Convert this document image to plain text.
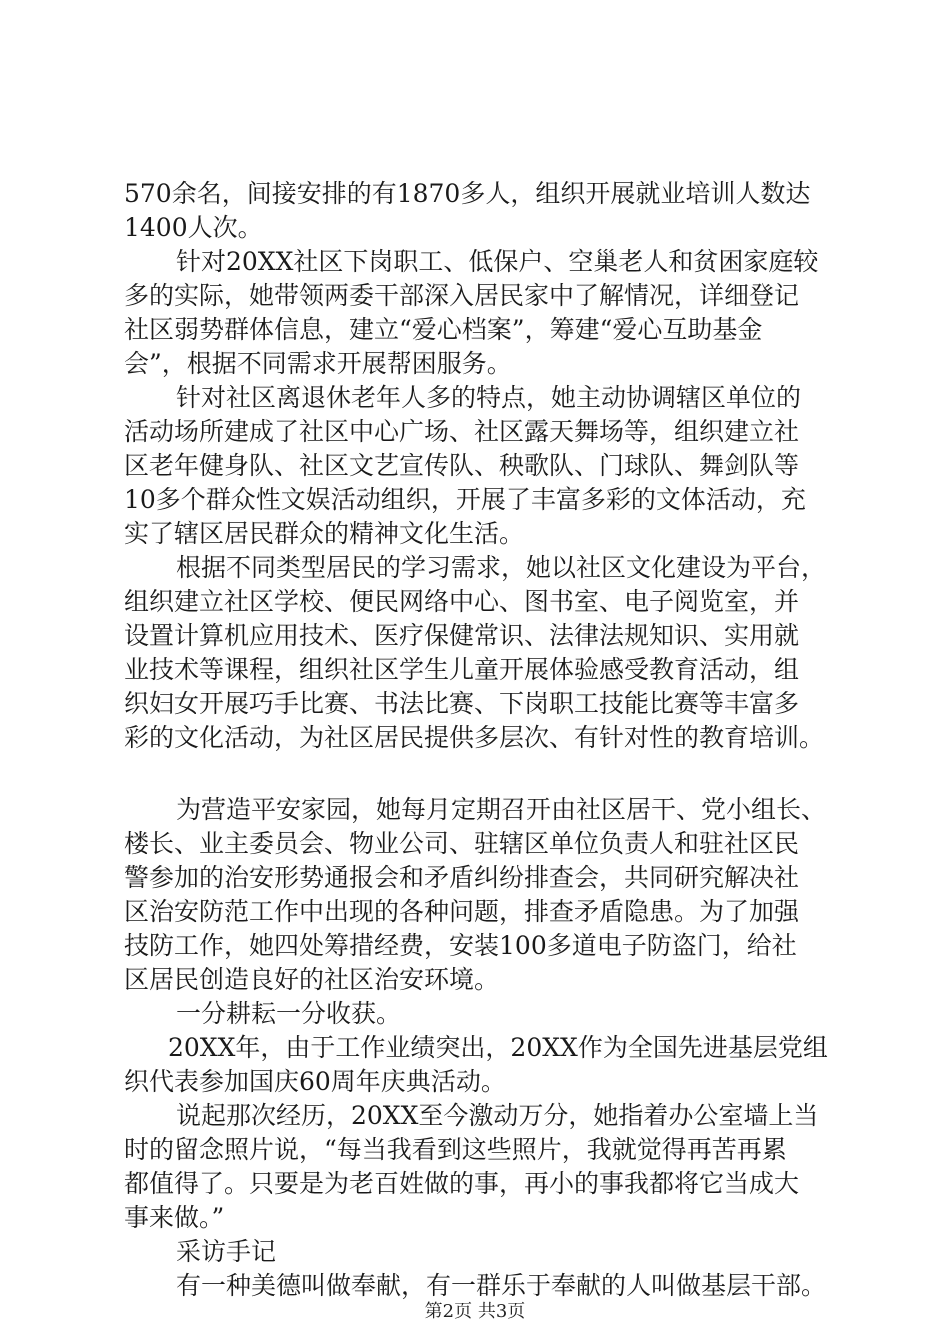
570余名，间接安排的有1870多人，组织开展就业培训人数达
1400人次。
针对20XX社区下岗职工、低保户、空巢老人和贫困家庭较
多的实际，她带领两委干部深入居民家中了解情况，详细登记
社区弱势群体信息，建立“爱心档案”，筹建“爱心互助基金
会”，根据不同需求开展帮困服务。
针对社区离退休老年人多的特点，她主动协调辖区单位的
活动场所建成了社区中心广场、社区露天舞场等，组织建立社
区老年健身队、社区文艺宣传队、秧歌队、门球队、舞剑队等
10多个群众性文娱活动组织，开展了丰富多彩的文体活动，充
实了辖区居民群众的精神文化生活。
根据不同类型居民的学习需求，她以社区文化建设为平台，
组织建立社区学校、便民网络中心、图书室、电子阅览室，并
设置计算机应用技术、医疗保健常识、法律法规知识、实用就
业技术等课程，组织社区学生儿童开展体验感受教育活动，组
织妇女开展巧手比赛、书法比赛、下岗职工技能比赛等丰富多
彩的文化活动，为社区居民提供多层次、有针对性的教育培训。
为营造平安家园，她每月定期召开由社区居干、党小组长、
楼长、业主委员会、物业公司、驻辖区单位负责人和驻社区民
警参加的治安形势通报会和矛盾纠纷排查会，共同研究解决社
区治安防范工作中出现的各种问题，排查矛盾隐患。为了加强
技防工作，她四处筹措经费，安装100多道电子防盗门，给社
区居民创造良好的社区治安环境。
一分耕耘一分收获。
20XX年，由于工作业绩突出，20XX作为全国先进基层党组
织代表参加国庆60周年庆典活动。
说起那次经历，20XX至今激动万分，她指着办公室墙上当
时的留念照片说，“每当我看到这些照片，我就觉得再苦再累
都值得了。只要是为老百姓做的事，再小的事我都将它当成大
事来做。”
采访手记
有一种美德叫做奉献，有一群乐于奉献的人叫做基层干部。
第2页 共3页
